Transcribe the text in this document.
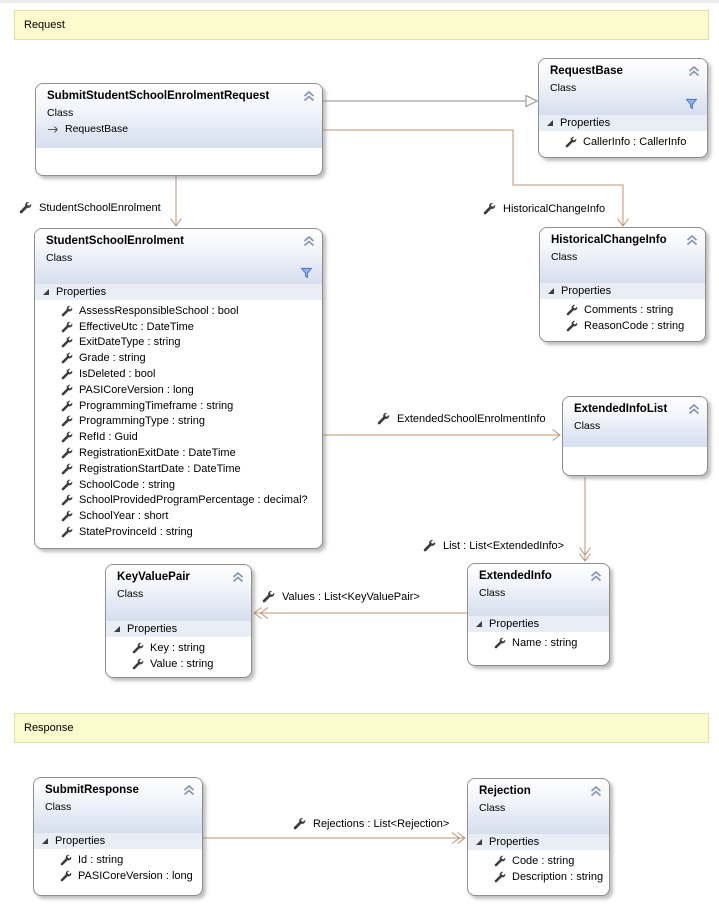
Request
Response
SubmitStudentSchoolEnrolmentRequest
Class
RequestBase
RequestBase
Class
Properties
CallerInfo : CallerInfo
StudentSchoolEnrolment
Class
Properties
AssessResponsibleSchool : bool
EffectiveUtc : DateTime
ExitDateType : string
Grade : string
IsDeleted : bool
PASICoreVersion : long
ProgrammingTimeframe : string
ProgrammingType : string
RefId : Guid
RegistrationExitDate : DateTime
RegistrationStartDate : DateTime
SchoolCode : string
SchoolProvidedProgramPercentage : decimal?
SchoolYear : short
StateProvinceId : string
HistoricalChangeInfo
Class
Properties
Comments : string
ReasonCode : string
ExtendedInfoList
Class
KeyValuePair
Class
Properties
Key : string
Value : string
ExtendedInfo
Class
Properties
Name : string
SubmitResponse
Class
Properties
Id : string
PASICoreVersion : long
Rejection
Class
Properties
Code : string
Description : string
StudentSchoolEnrolment	HistoricalChangeInfo
ExtendedSchoolEnrolmentInfo
List : List<ExtendedInfo>
Values : List<KeyValuePair>
Rejections : List<Rejection>
